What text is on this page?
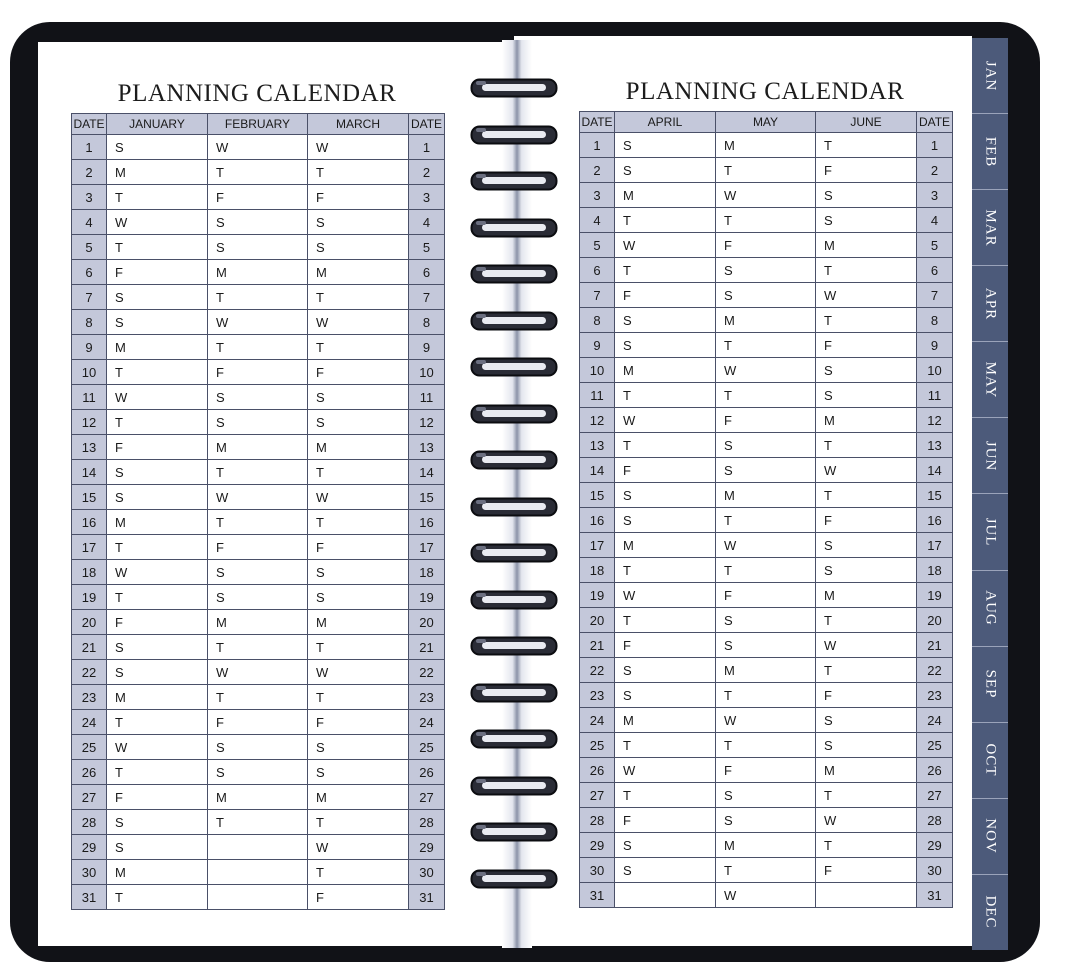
PLANNING CALENDAR	PLANNING CALENDAR
DATE	JANUARY	FEBRUARY	MARCH	DATE
1	S	W	W	1
2	M	T	T	2
3	T	F	F	3
4	W	S	S	4
5	T	S	S	5
6	F	M	M	6
7	S	T	T	7
8	S	W	W	8
9	M	T	T	9
10	T	F	F	10
11	W	S	S	11
12	T	S	S	12
13	F	M	M	13
14	S	T	T	14
15	S	W	W	15
16	M	T	T	16
17	T	F	F	17
18	W	S	S	18
19	T	S	S	19
20	F	M	M	20
21	S	T	T	21
22	S	W	W	22
23	M	T	T	23
24	T	F	F	24
25	W	S	S	25
26	T	S	S	26
27	F	M	M	27
28	S	T	T	28
29	S		W	29
30	M		T	30
31	T		F	31
DATE	APRIL	MAY	JUNE	DATE
1	S	M	T	1
2	S	T	F	2
3	M	W	S	3
4	T	T	S	4
5	W	F	M	5
6	T	S	T	6
7	F	S	W	7
8	S	M	T	8
9	S	T	F	9
10	M	W	S	10
11	T	T	S	11
12	W	F	M	12
13	T	S	T	13
14	F	S	W	14
15	S	M	T	15
16	S	T	F	16
17	M	W	S	17
18	T	T	S	18
19	W	F	M	19
20	T	S	T	20
21	F	S	W	21
22	S	M	T	22
23	S	T	F	23
24	M	W	S	24
25	T	T	S	25
26	W	F	M	26
27	T	S	T	27
28	F	S	W	28
29	S	M	T	29
30	S	T	F	30
31		W		31
JAN
FEB
MAR
APR
MAY
JUN
JUL
AUG
SEP
OCT
NOV
DEC
